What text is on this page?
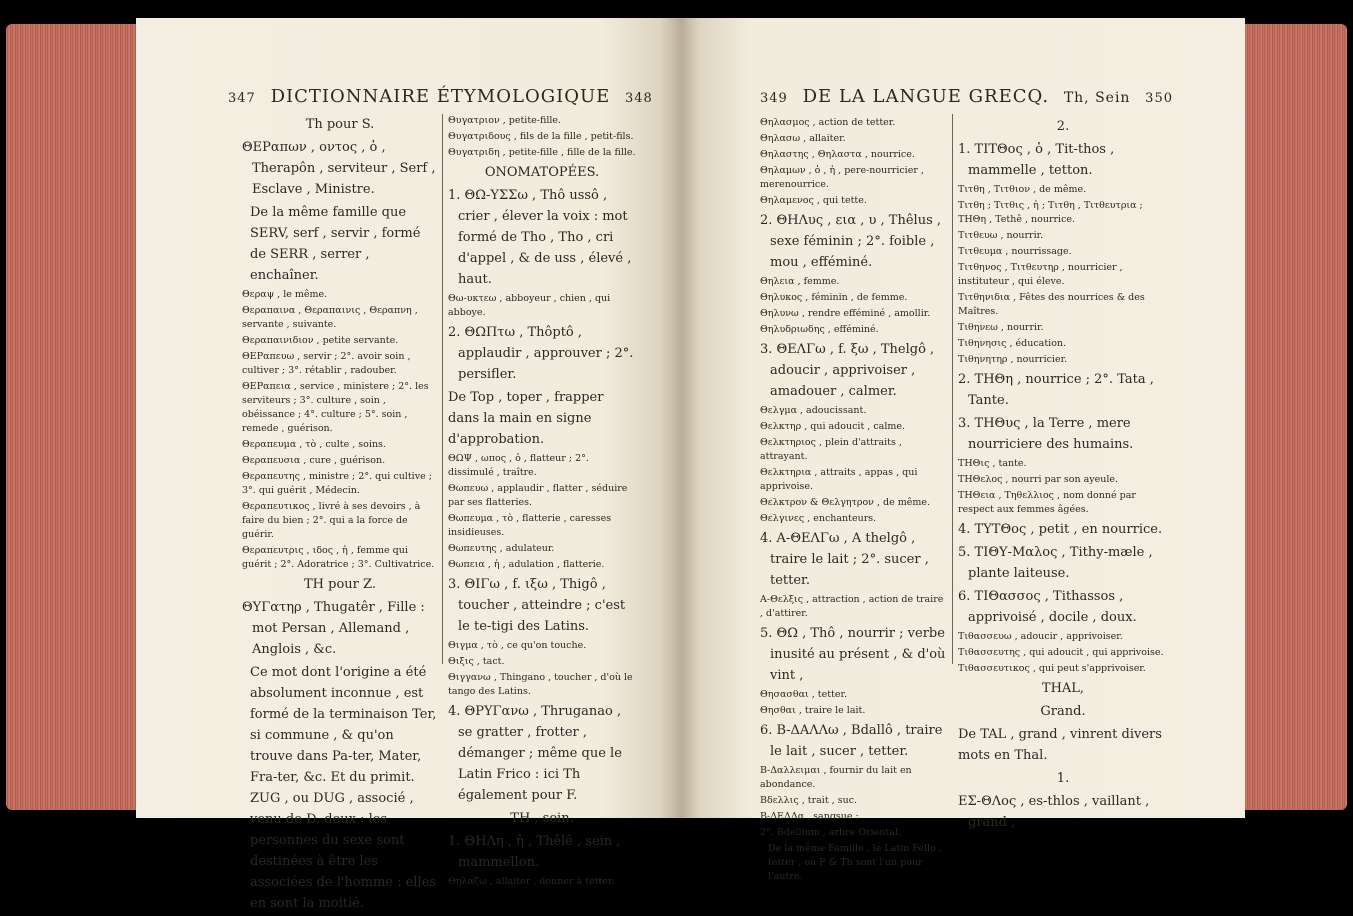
347 DICTIONNAIRE ÉTYMOLOGIQUE 348

Th pour S.

ΘΕΡαπων , οντος , ὁ , Therapôn , serviteur , Serf , Esclave , Ministre.

De la même famille que SERV, serf , servir , formé de SERR , serrer , enchaîner.

Θεραψ , le même.

Θεραπαινα , Θεραπαινις , Θεραπνη , servante , suivante.

Θεραπαινιδιον , petite servante.

ΘΕΡαπευω , servir ; 2°. avoir soin , cultiver ; 3°. rétablir , radouber.

ΘΕΡαπεια , service , ministere ; 2°. les serviteurs ; 3°. culture , soin , obéissance ; 4°. culture ; 5°. soin , remede , guérison.

Θεραπευμα , τὸ , culte , soins.

Θεραπευσια , cure , guérison.

Θεραπευτης , ministre ; 2°. qui cultive ; 3°. qui guérit , Médecin.

Θεραπευτικος , livré à ses devoirs , à faire du bien ; 2°. qui a la force de guérir.

Θεραπευτρις , ιδος , ἡ , femme qui guérit ; 2°. Adoratrice ; 3°. Cultivatrice.

TH pour Z.

ΘΥΓατηρ , Thugatêr , Fille : mot Persan , Allemand , Anglois , &c.

Ce mot dont l'origine a été absolument inconnue , est formé de la terminaison Ter, si commune , & qu'on trouve dans Pa-ter, Mater, Fra-ter, &c. Et du primit. ZUG , ou DUG , associé , venu de D, deux : les personnes du sexe sont destinées à être les associées de l'homme : elles en sont la moitié.

Θυγατριον , petite-fille.

Θυγατριδους , fils de la fille , petit-fils.

Θυγατριδη , petite-fille , fille de la fille.

ONOMATOPÉES.

1. ΘΩ-ΥΣΣω , Thô ussô , crier , élever la voix : mot formé de Tho , Tho , cri d'appel , & de uss , élevé , haut.

Θω-υκτεω , abboyeur , chien , qui abboye.

2. ΘΩΠτω , Thôptô , applaudir , approuver ; 2°. persifler.

De Top , toper , frapper dans la main en signe d'approbation.

ΘΩΨ , ωπος , ὁ , flatteur ; 2°. dissimulé , traître.

Θωπευω , applaudir , flatter , séduire par ses flatteries.

Θωπευμα , τὸ , flatterie , caresses insidieuses.

Θωπευτης , adulateur.

Θωπεια , ἡ , adulation , flatterie.

3. ΘΙΓω , f. ιξω , Thigô , toucher , atteindre ; c'est le te-tigi des Latins.

Θιγμα , τὸ , ce qu'on touche.

Θιξις , tact.

Θιγγανω , Thingano , toucher , d'où le tango des Latins.

4. ΘΡΥΓανω , Thruganao , se gratter , frotter , démanger ; même que le Latin Frico : ici Th également pour F.

TH , sein.

1. ΘΗΛη , ἡ , Thêlê , sein , mammellon.

Θηλαζω , allaiter , donner à tetter.

349 DE LA LANGUE GRECQ. Th, Sein 350

Θηλασμος , action de tetter.

Θηλασω , allaiter.

Θηλαστης , Θηλαστα , nourrice.

Θηλαμων , ὁ , ἡ , pere-nourricier , merenourrice.

Θηλαμενος , qui tette.

2. ΘΗΛυς , εια , υ , Thêlus , sexe féminin ; 2°. foible , mou , efféminé.

Θηλεια , femme.

Θηλυκος , féminin , de femme.

Θηλυνω , rendre efféminé , amollir.

Θηλυδριωδης , efféminé.

3. ΘΕΛΓω , f. ξω , Thelgô , adoucir , apprivoiser , amadouer , calmer.

Θελγμα , adoucissant.

Θελκτηρ , qui adoucit , calme.

Θελκτηριος , plein d'attraits , attrayant.

Θελκτηρια , attraits , appas , qui apprivoise.

Θελκτρον & Θελγητρον , de même.

Θελγινες , enchanteurs.

4. Α-ΘΕΛΓω , A thelgô , traire le lait ; 2°. sucer , tetter.

Α-Θελξις , attraction , action de traire , d'attirer.

5. ΘΩ , Thô , nourrir ; verbe inusité au présent , & d'où vint ,

Θησασθαι , tetter.

Θησθαι , traire le lait.

6. Β-ΔΑΛΛω , Bdallô , traire le lait , sucer , tetter.

Β-Δαλλειμαι , fournir du lait en abondance.

Βδελλις , trait , suc.

Β-ΔΕΛΛα , sangsue ;

2°. Bdellium , arbre Oriental.

De la même Famille , le Latin Fello , tetter , où F & Th sont l'un pour l'autre.

2.

1. ΤΙΤΘος , ὁ , Tit-thos , mammelle , tetton.

Τιτθη , Τιτθιον , de même.

Τιτθη ; Τιτθις , ἡ ; Τιτθη , Τιτθευτρια ; ΤΗΘη , Tethê , nourrice.

Τιτθευω , nourrir.

Τιτθευμα , nourrissage.

Τιτθηνος , Τιτθευτηρ , nourricier , instituteur , qui éleve.

Τιτθηνιδια , Fêtes des nourrices & des Maîtres.

Τιθηνεω , nourrir.

Τιθηνησις , éducation.

Τιθηνητηρ , nourricier.

2. ΤΗΘη , nourrice ; 2°. Tata , Tante.

3. ΤΗΘυς , la Terre , mere nourriciere des humains.

ΤΗΘις , tante.

ΤΗΘελος , nourri par son ayeule.

ΤΗΘεια , Τηθελλιος , nom donné par respect aux femmes âgées.

4. ΤΥΤΘος , petit , en nourrice.

5. ΤΙΘΥ-Μαλος , Tithy-mæle , plante laiteuse.

6. ΤΙΘασσος , Tithassos , apprivoisé , docile , doux.

Τιθασσευω , adoucir , apprivoiser.

Τιθασσευτης , qui adoucit , qui apprivoise.

Τιθασσευτικος , qui peut s'apprivoiser.

THAL,

Grand.

De TAL , grand , vinrent divers mots en Thal.

1.

ΕΣ-ΘΛος , es-thlos , vaillant , grand ,
